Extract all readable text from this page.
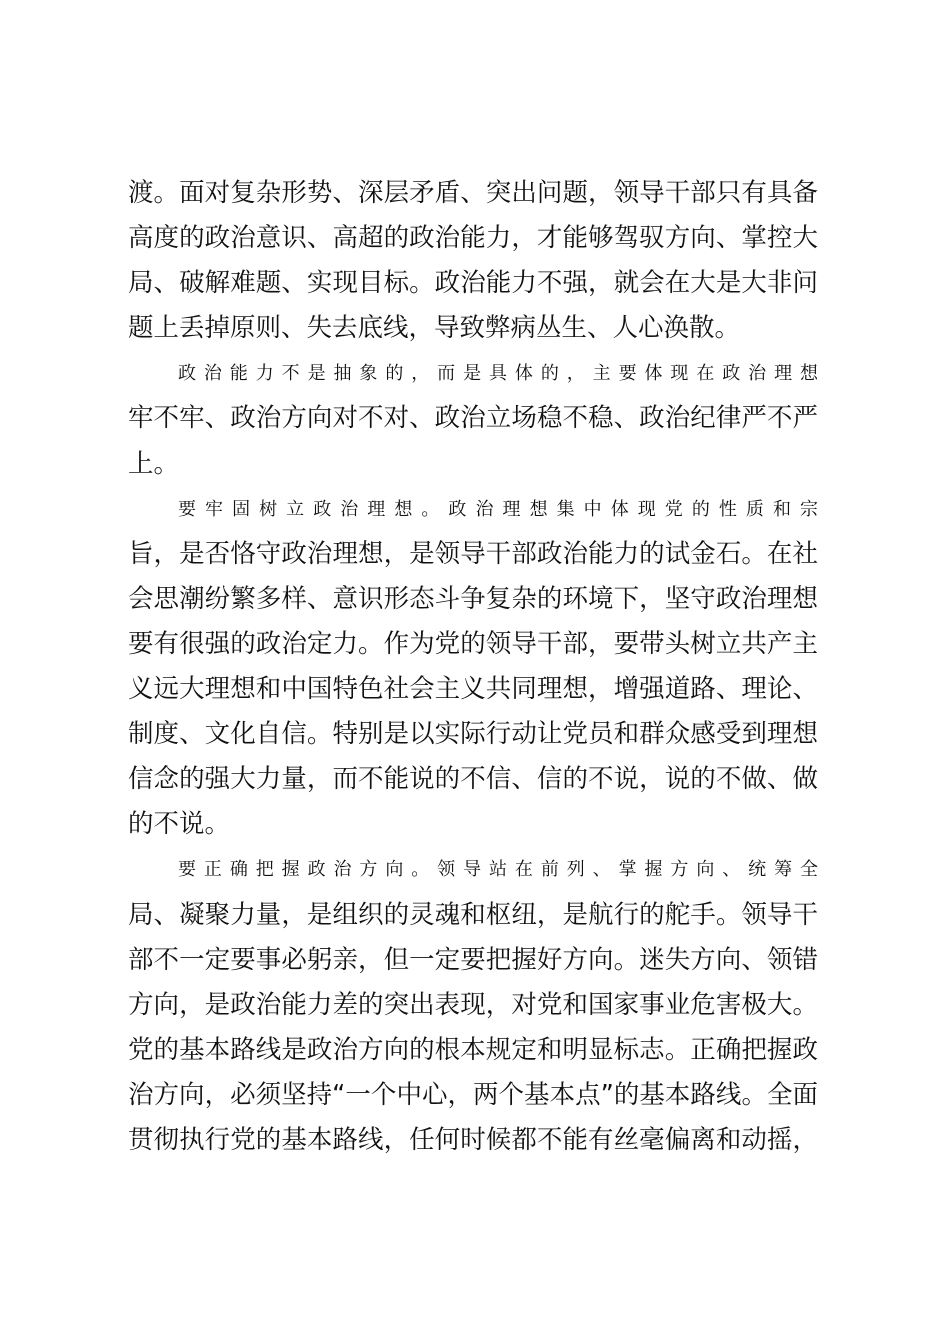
渡。面对复杂形势、深层矛盾、突出问题，领导干部只有具备
高度的政治意识、高超的政治能力，才能够驾驭方向、掌控大
局、破解难题、实现目标。政治能力不强，就会在大是大非问
题上丢掉原则、失去底线，导致弊病丛生、人心涣散。
政治能力不是抽象的，而是具体的，主要体现在政治理想
牢不牢、政治方向对不对、政治立场稳不稳、政治纪律严不严
上。
要牢固树立政治理想。政治理想集中体现党的性质和宗
旨，是否恪守政治理想，是领导干部政治能力的试金石。在社
会思潮纷繁多样、意识形态斗争复杂的环境下，坚守政治理想
要有很强的政治定力。作为党的领导干部，要带头树立共产主
义远大理想和中国特色社会主义共同理想，增强道路、理论、
制度、文化自信。特别是以实际行动让党员和群众感受到理想
信念的强大力量，而不能说的不信、信的不说，说的不做、做
的不说。
要正确把握政治方向。领导站在前列、掌握方向、统筹全
局、凝聚力量，是组织的灵魂和枢纽，是航行的舵手。领导干
部不一定要事必躬亲，但一定要把握好方向。迷失方向、领错
方向，是政治能力差的突出表现，对党和国家事业危害极大。
党的基本路线是政治方向的根本规定和明显标志。正确把握政
治方向，必须坚持“一个中心，两个基本点”的基本路线。全面
贯彻执行党的基本路线，任何时候都不能有丝毫偏离和动摇，
